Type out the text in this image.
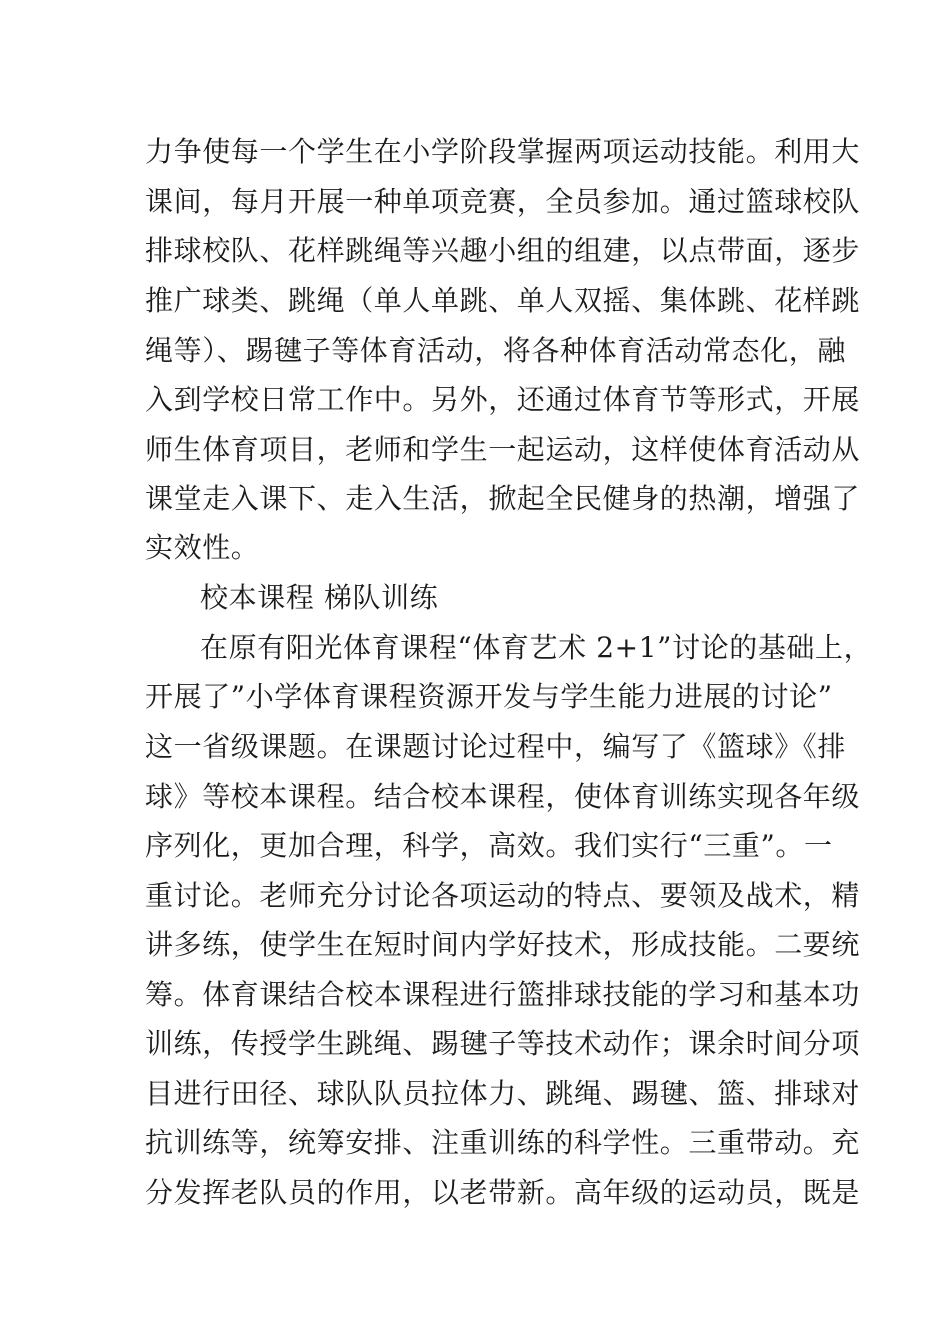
力争使每一个学生在小学阶段掌握两项运动技能。利用大

课间，每月开展一种单项竞赛，全员参加。通过篮球校队

排球校队、花样跳绳等兴趣小组的组建，以点带面，逐步

推广球类、跳绳（单人单跳、单人双摇、集体跳、花样跳

绳等）、踢毽子等体育活动，将各种体育活动常态化，融

入到学校日常工作中。另外，还通过体育节等形式，开展

师生体育项目，老师和学生一起运动，这样使体育活动从

课堂走入课下、走入生活，掀起全民健身的热潮，增强了

实效性。

校本课程 梯队训练

在原有阳光体育课程“体育艺术 2+1”讨论的基础上，

开展了”小学体育课程资源开发与学生能力进展的讨论”

这一省级课题。在课题讨论过程中，编写了《篮球》《排

球》等校本课程。结合校本课程，使体育训练实现各年级

序列化，更加合理，科学，高效。我们实行“三重”。一

重讨论。老师充分讨论各项运动的特点、要领及战术，精

讲多练，使学生在短时间内学好技术，形成技能。二要统

筹。体育课结合校本课程进行篮排球技能的学习和基本功

训练，传授学生跳绳、踢毽子等技术动作；课余时间分项

目进行田径、球队队员拉体力、跳绳、踢毽、篮、排球对

抗训练等，统筹安排、注重训练的科学性。三重带动。充

分发挥老队员的作用，以老带新。高年级的运动员，既是
